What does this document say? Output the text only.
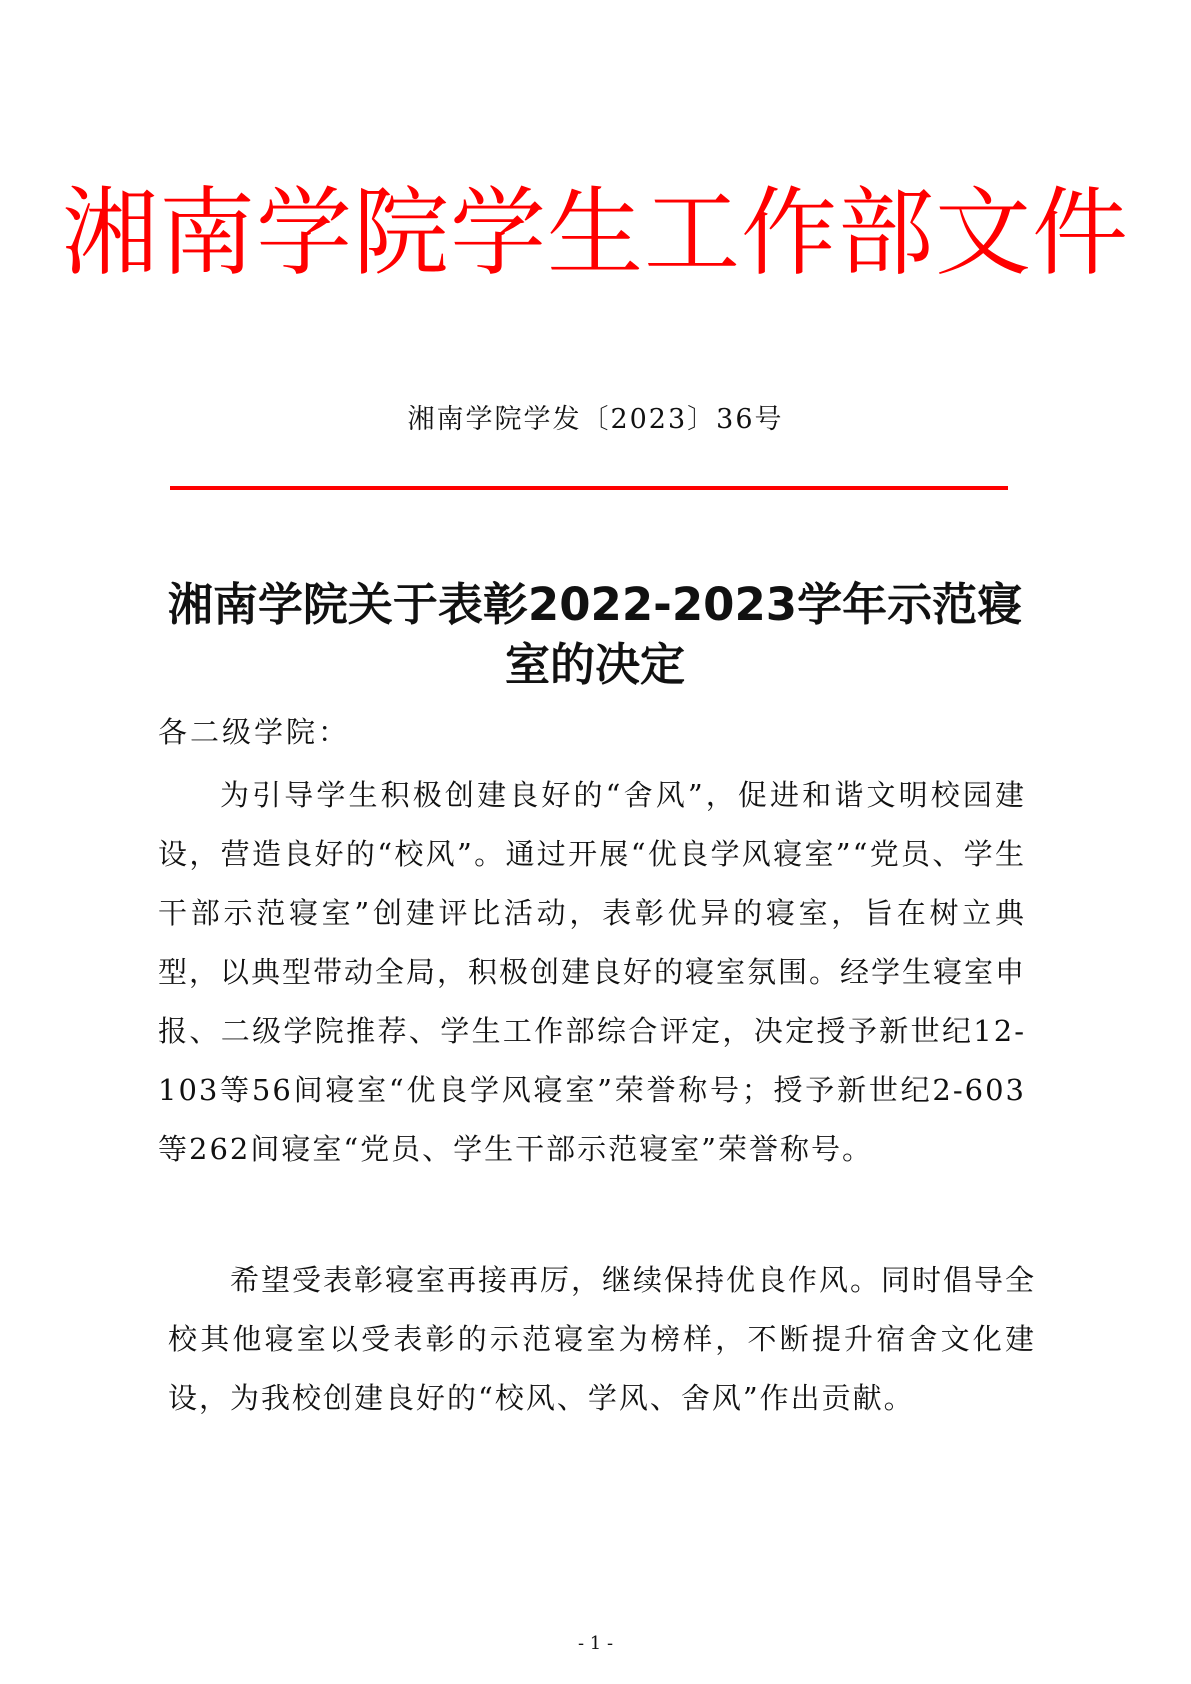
湘南学院学生工作部文件
湘南学院学发〔2023〕36号
湘南学院关于表彰2022-2023学年示范寝室的决定
各二级学院：

为引导学生积极创建良好的“舍风”，促进和谐文明校园建设，营造良好的“校风”。通过开展“优良学风寝室”“党员、学生干部示范寝室”创建评比活动，表彰优异的寝室，旨在树立典型，以典型带动全局，积极创建良好的寝室氛围。经学生寝室申报、二级学院推荐、学生工作部综合评定，决定授予新世纪12-103等56间寝室“优良学风寝室”荣誉称号；授予新世纪2-603等262间寝室“党员、学生干部示范寝室”荣誉称号。

希望受表彰寝室再接再厉，继续保持优良作风。同时倡导全校其他寝室以受表彰的示范寝室为榜样，不断提升宿舍文化建设，为我校创建良好的“校风、学风、舍风”作出贡献。

- 1 -
